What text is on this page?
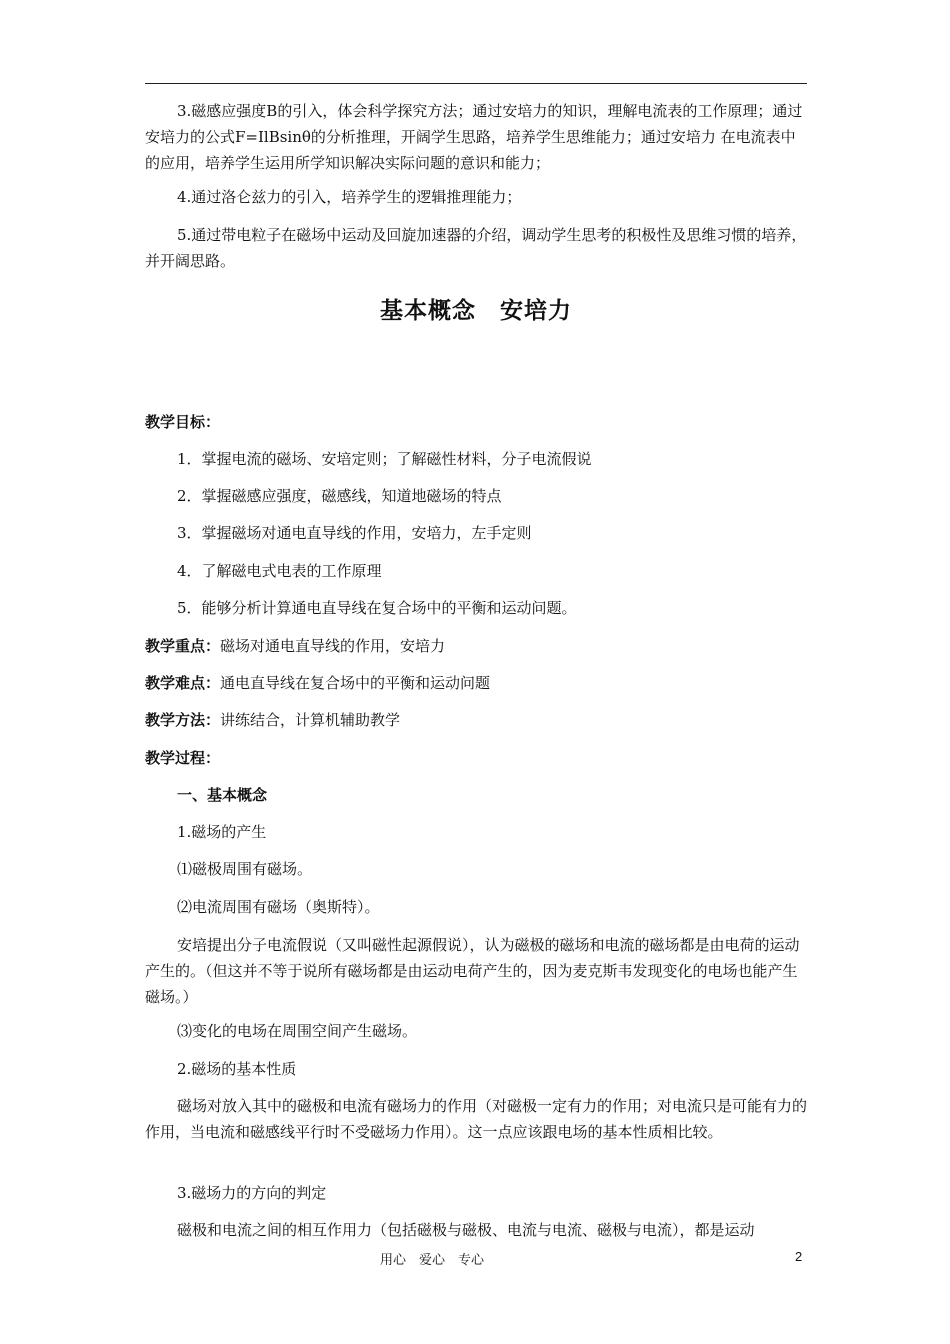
3.磁感应强度B的引入，体会科学探究方法；通过安培力的知识，理解电流表的工作原理；通过安培力的公式F=IlBsinθ的分析推理，开阔学生思路，培养学生思维能力；通过安培力 在电流表中的应用，培养学生运用所学知识解决实际问题的意识和能力；

4.通过洛仑兹力的引入，培养学生的逻辑推理能力；

5.通过带电粒子在磁场中运动及回旋加速器的介绍，调动学生思考的积极性及思维习惯的培养，并开阔思路。

基本概念　安培力

教学目标：

1．掌握电流的磁场、安培定则；了解磁性材料，分子电流假说

2．掌握磁感应强度，磁感线，知道地磁场的特点

3．掌握磁场对通电直导线的作用，安培力，左手定则

4．了解磁电式电表的工作原理

5．能够分析计算通电直导线在复合场中的平衡和运动问题。

教学重点：磁场对通电直导线的作用，安培力

教学难点：通电直导线在复合场中的平衡和运动问题

教学方法：讲练结合，计算机辅助教学

教学过程：

一、基本概念

1.磁场的产生

⑴磁极周围有磁场。

⑵电流周围有磁场（奥斯特）。

安培提出分子电流假说（又叫磁性起源假说），认为磁极的磁场和电流的磁场都是由电荷的运动产生的。（但这并不等于说所有磁场都是由运动电荷产生的，因为麦克斯韦发现变化的电场也能产生磁场。）

⑶变化的电场在周围空间产生磁场。

2.磁场的基本性质

磁场对放入其中的磁极和电流有磁场力的作用（对磁极一定有力的作用；对电流只是可能有力的作用，当电流和磁感线平行时不受磁场力作用）。这一点应该跟电场的基本性质相比较。

3.磁场力的方向的判定

磁极和电流之间的相互作用力（包括磁极与磁极、电流与电流、磁极与电流），都是运动

用心　爱心　专心	2
